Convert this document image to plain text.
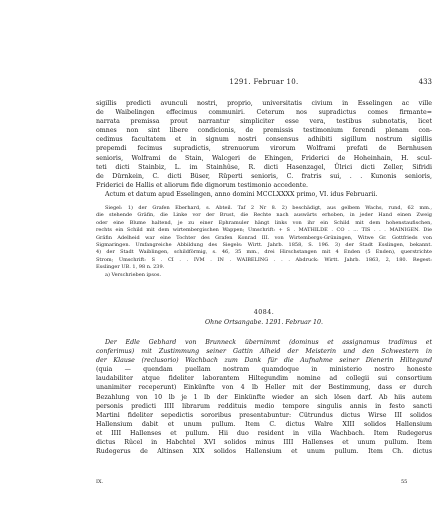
1291. Februar 10.	433
sigillis predicti avunculi nostri, proprio, universitatis civium in Esselingen ac ville
de Waibelingen effecimus communiri. Ceterum nos supradictus comes firmante=
narrata premissa prout narrantur simpliciter esse vera, testibus subnotatis, licet
omnes non sint libere condicionis, de premissis testimonium ferendi plenam con-
cedimus facultatem et in signum nostri consensus adhibiti sigillum nostrum sigillis
prepemdi fecimus supradictis, strenuorum virorum Wolframi prefati de Bernhusen
senioris, Wolframi de Stain, Walcgeri de Ehingen, Friderici de Hoheinhain, H. scul-
teti dicti Stainbiz, L. im Stainhûse, R. dicti Hasenzagel, Ülrici dicti Zeller, Sifridi
de Dürnkein, C. dicti Büser, Rüperti senioris, C. fratris sui, . . Kunonis senioris,
Friderici de Hallis et aliorum fide dignorum testimonio accedente.
Actum et datum apud Esselingen, anno domini MCCLXXXX primo, VI. idus Februarii.
Siegel: 1) der Grafen Eberhard, s. Abteil. Taf 2 Nr 8. 2) beschädigt, aus gelbem Wachs, rund, 62 mm.,
die stehende Gräfin, die Linke vor der Brust, die Rechte nach auswärts erhoben, in jeder Hand einen Zweig
oder eine Blume haltend, je zu einer Ephramuler hängt links von ihr ein Schild mit dem hohenstaufischen,
rechts ein Schild mit dem wirtembergischen Wappen; Umschrift: + S . MATHILDE . CO . ... TIS . . . MAINIGEN. Die
Gräfin Adelheid war eine Tochter des Grafen Konrad III. von Wirtembergs-Grüningen, Witwe Gr. Gottfrieds von
Sigmaringen. Umfangreiche Abbildung des Siegels: Wirtt. Jahrb. 1858, S. 196. 3) der Stadt Esslingen, bekannt.
4) der Stadt Waiblingen, schildförmig, s. 46, 35 mm., drei Hirschstangen mit 4 Enden (5 Enden), querstrichte
Strom; Umschrift: S . CI . . IVM . IN . WAIBELING . . . Abdruck: Wirtt. Jahrb. 1863, 2, 180. Regest:
Esslinger UB. 1, 98 n. 239.
a) Verschrieben ipsos.
4084.
Ohne Ortsangabe. 1291. Februar 10.
Der Edle Gebhard von Brunneck übernimmt (dominus et assignamus tradimus et
conferimus) mit Zustimmung seiner Gattin Alheid der Meisterin und den Schwestern in
der Klause (reclusorio) Wachbach zum Dank für die Aufnahme seiner Dienerin Hiltegund
(quia — quendam puellam nostram quamdoque in ministerio nostro honeste
laudabiliter atque fideliter laborantem Hiltegundim nomine ad collegii sui consortium
unanimiter receperunt) Einkünfte von 4 lb Heller mit der Bestimmung, dass er durch
Bezahlung von 10 lb je 1 lb der Einkünfte wieder an sich lösen darf. Ab hiis autem
personis predicti IIII librarum reddituis medio tempore singulis annis in festo sancti
Martini fideliter sepedictis sororibus presentabuntur: Cütrundus dictus Wirse III solidos
Hallensium dabit et unum pullum. Item C. dictus Walre XIII solidos Hallensium
et IIII Hallenses et pullum. Hii duo resident in villa Wachbach. Item Rudegerus
dictus Rûcel in Habchtel XVI solidos minus IIII Hallenses et unum pullum. Item
Rudegerus de Altinsen XIX solidos Hallensium et unum pullum. Item Ch. dictus
IX.	55
